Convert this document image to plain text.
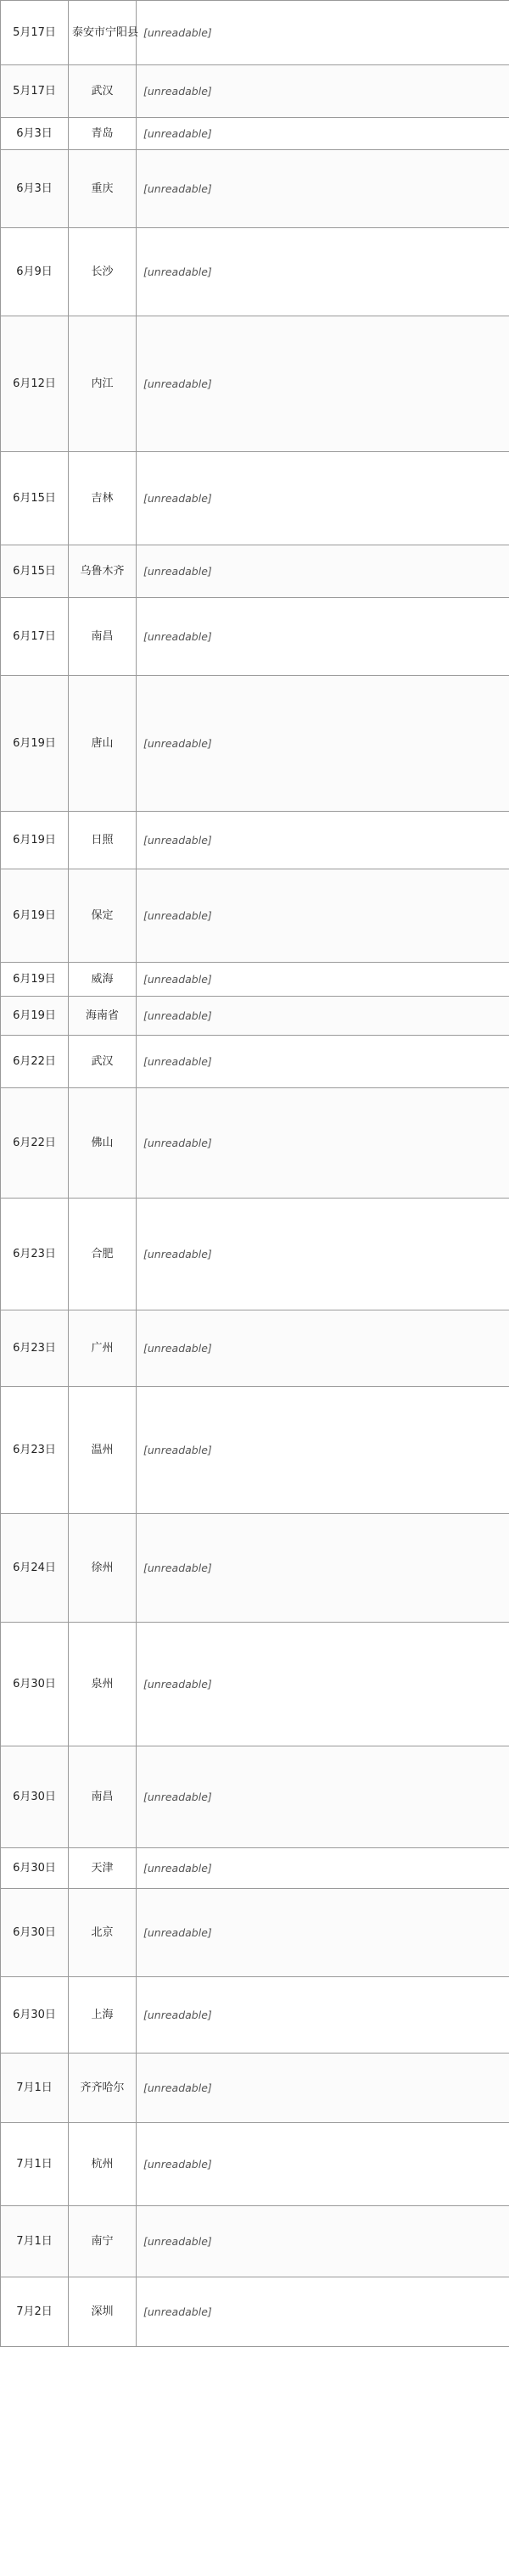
5月17日	泰安市宁阳县	[unreadable]
5月17日	武汉	[unreadable]
6月3日	青岛	[unreadable]
6月3日	重庆	[unreadable]
6月9日	长沙	[unreadable]
6月12日	内江	[unreadable]
6月15日	吉林	[unreadable]
6月15日	乌鲁木齐	[unreadable]
6月17日	南昌	[unreadable]
6月19日	唐山	[unreadable]
6月19日	日照	[unreadable]
6月19日	保定	[unreadable]
6月19日	威海	[unreadable]
6月19日	海南省	[unreadable]
6月22日	武汉	[unreadable]
6月22日	佛山	[unreadable]
6月23日	合肥	[unreadable]
6月23日	广州	[unreadable]
6月23日	温州	[unreadable]
6月24日	徐州	[unreadable]
6月30日	泉州	[unreadable]
6月30日	南昌	[unreadable]
6月30日	天津	[unreadable]
6月30日	北京	[unreadable]
6月30日	上海	[unreadable]
7月1日	齐齐哈尔	[unreadable]
7月1日	杭州	[unreadable]
7月1日	南宁	[unreadable]
7月2日	深圳	[unreadable]
